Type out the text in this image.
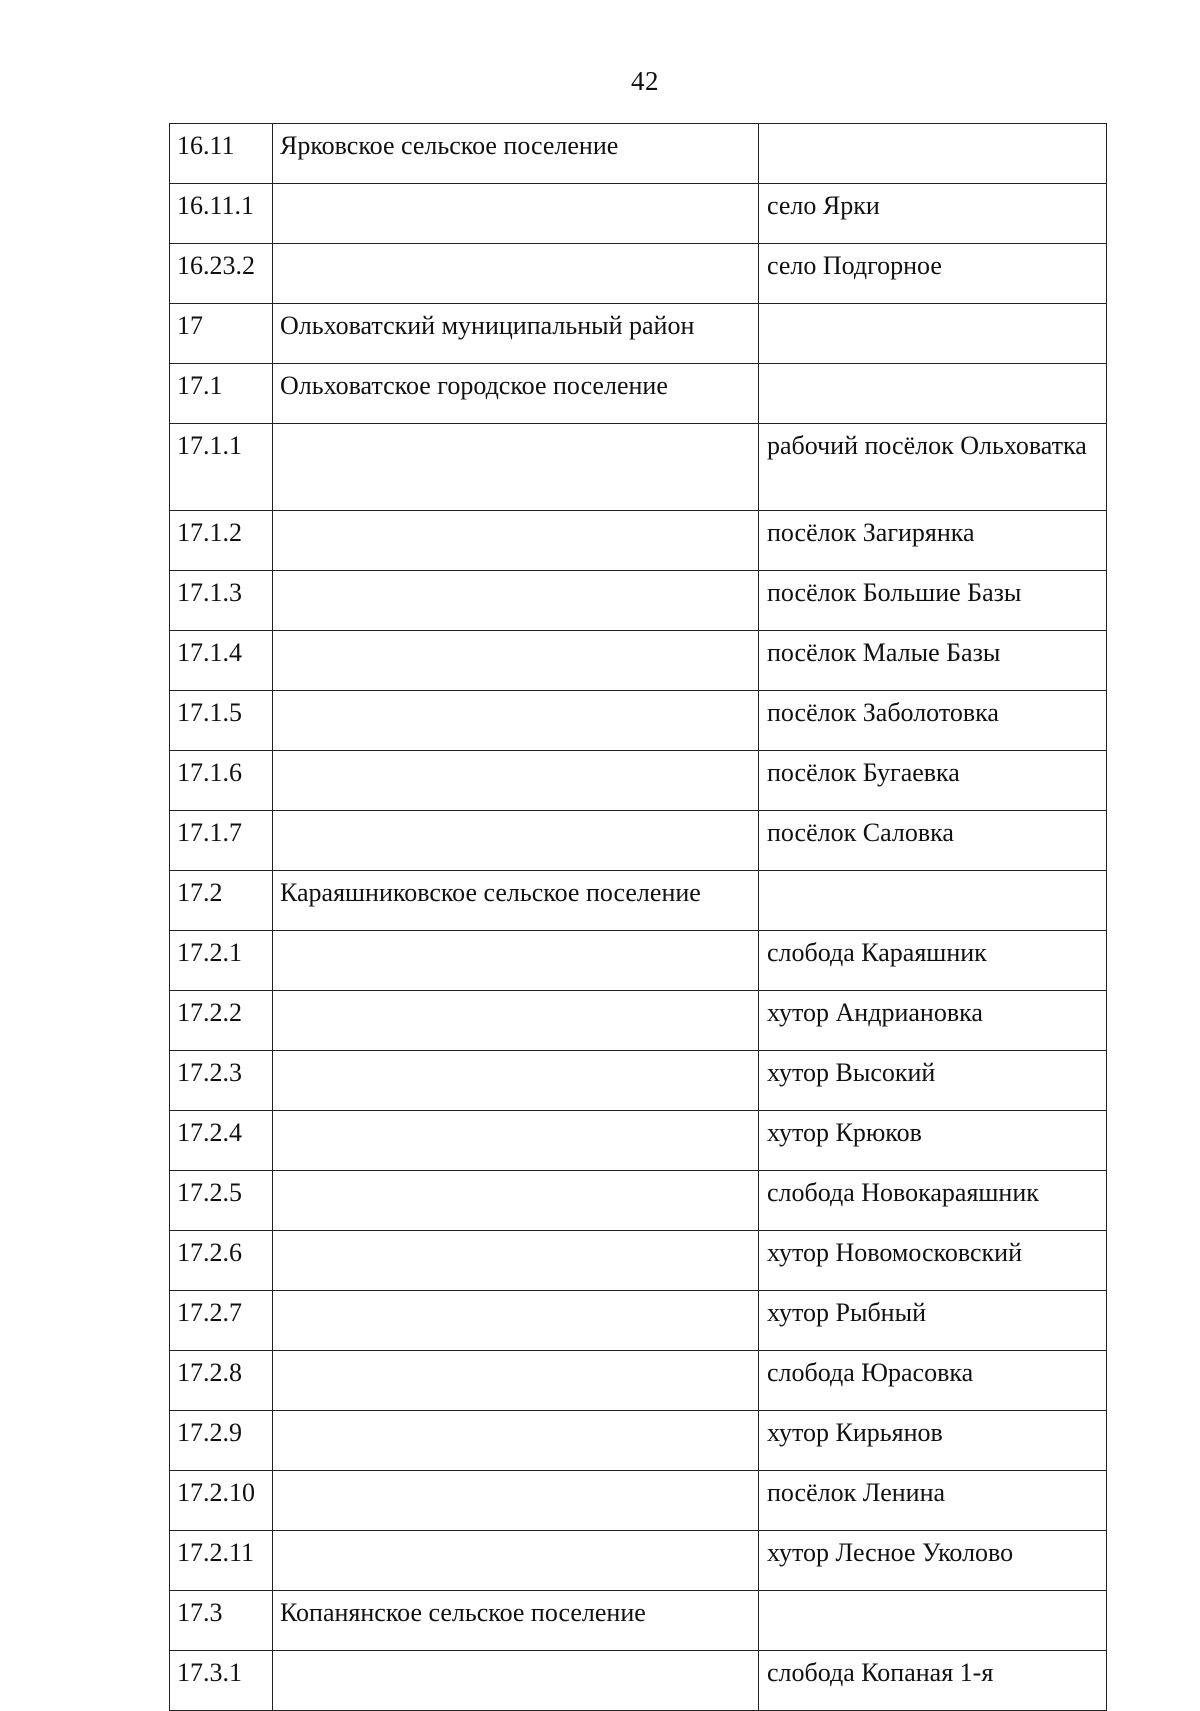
42
16.11	Ярковское сельское поселение	
16.11.1		село Ярки
16.23.2		село Подгорное
17	Ольховатский муниципальный район	
17.1	Ольховатское городское поселение	
17.1.1		рабочий посёлок Ольховатка
17.1.2		посёлок Загирянка
17.1.3		посёлок Большие Базы
17.1.4		посёлок Малые Базы
17.1.5		посёлок Заболотовка
17.1.6		посёлок Бугаевка
17.1.7		посёлок Саловка
17.2	Караяшниковское сельское поселение	
17.2.1		слобода Караяшник
17.2.2		хутор Андриановка
17.2.3		хутор Высокий
17.2.4		хутор Крюков
17.2.5		слобода Новокараяшник
17.2.6		хутор Новомосковский
17.2.7		хутор Рыбный
17.2.8		слобода Юрасовка
17.2.9		хутор Кирьянов
17.2.10		посёлок Ленина
17.2.11		хутор Лесное Уколово
17.3	Копанянское сельское поселение	
17.3.1		слобода Копаная 1-я
